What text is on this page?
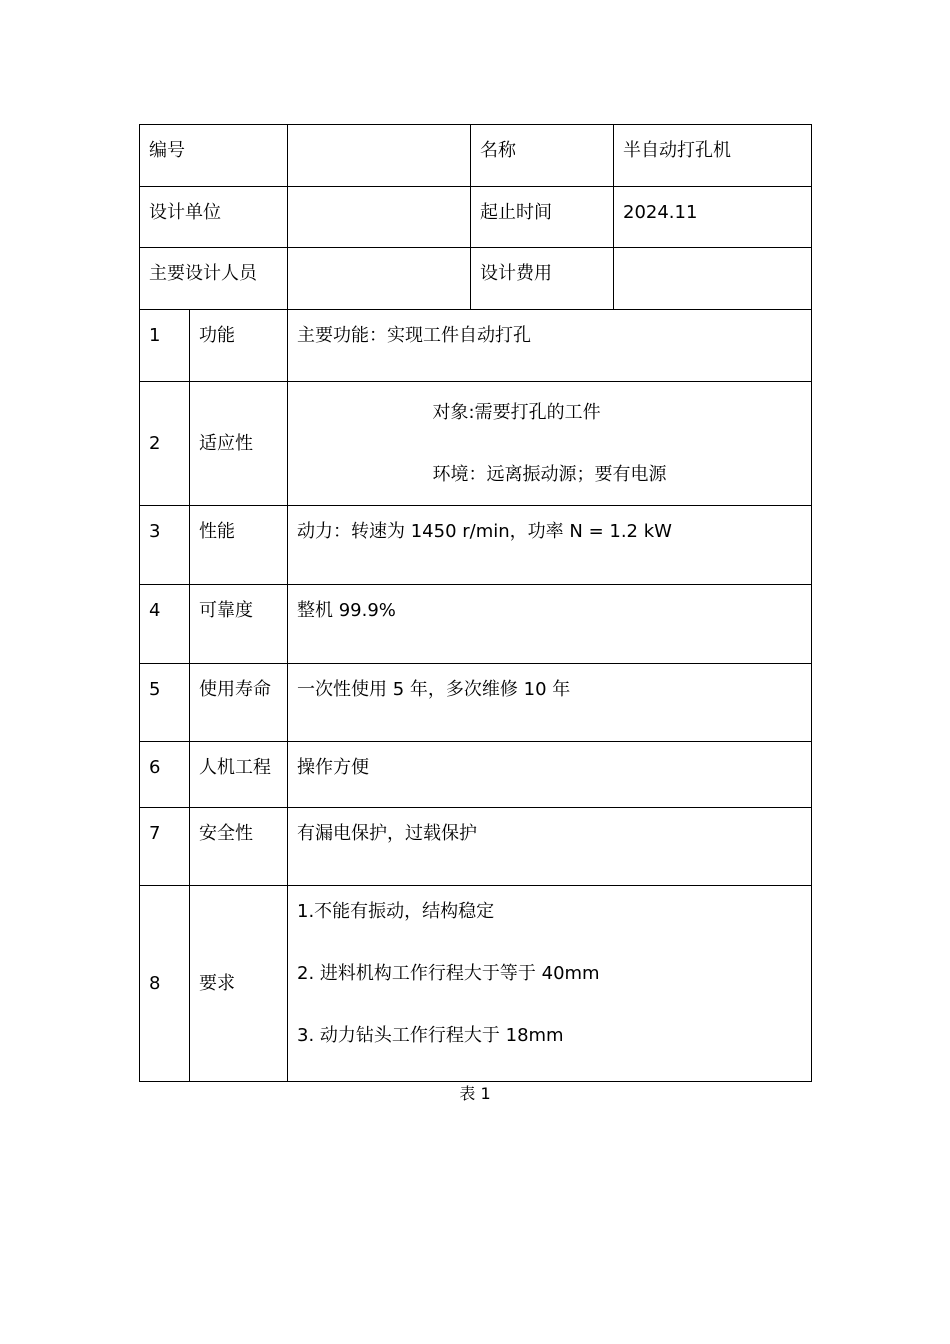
编号			名称	半自动打孔机
设计单位			起止时间	2024.11
主要设计人员			设计费用	
1	功能	主要功能：实现工件自动打孔		

2	适应性	对象:需要打孔的工件
环境：远离振动源；要有电源		

3	性能	动力：转速为 1450 r/min，功率 N = 1.2 kW		

4	可靠度	整机 99.9%		

5	使用寿命	一次性使用 5 年，多次维修 10 年		

6	人机工程	操作方便		

7	安全性	有漏电保护，过载保护		

8	要求	1.不能有振动，结构稳定
2. 进料机构工作行程大于等于 40mm
3. 动力钻头工作行程大于 18mm		
表 1
